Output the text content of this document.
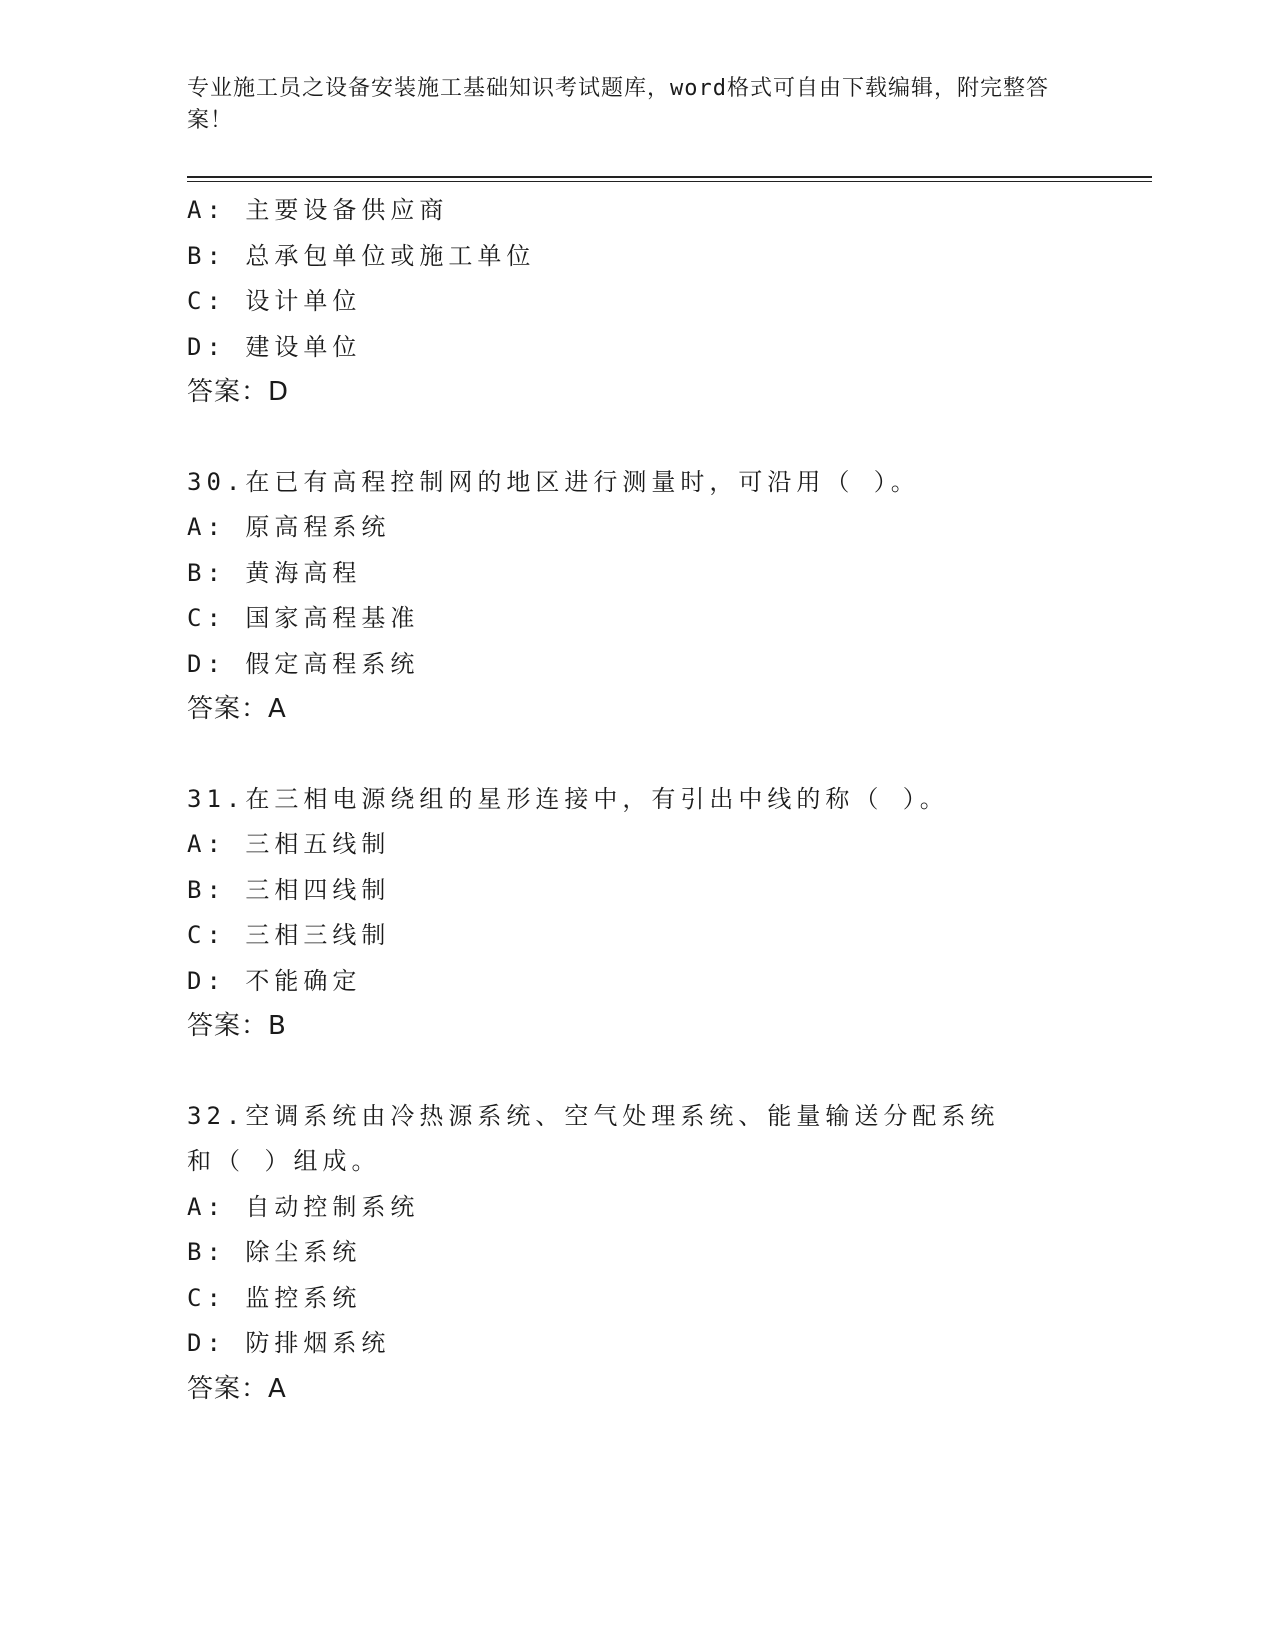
专业施工员之设备安装施工基础知识考试题库，word格式可自由下载编辑，附完整答案！

A: 主要设备供应商

B: 总承包单位或施工单位

C: 设计单位

D: 建设单位

答案：D

30.在已有高程控制网的地区进行测量时，可沿用（ ）。

A: 原高程系统

B: 黄海高程

C: 国家高程基准

D: 假定高程系统

答案：A

31.在三相电源绕组的星形连接中，有引出中线的称（ ）。

A: 三相五线制

B: 三相四线制

C: 三相三线制

D: 不能确定

答案：B

32.空调系统由冷热源系统、空气处理系统、能量输送分配系统和（ ）组成。

A: 自动控制系统

B: 除尘系统

C: 监控系统

D: 防排烟系统

答案：A
